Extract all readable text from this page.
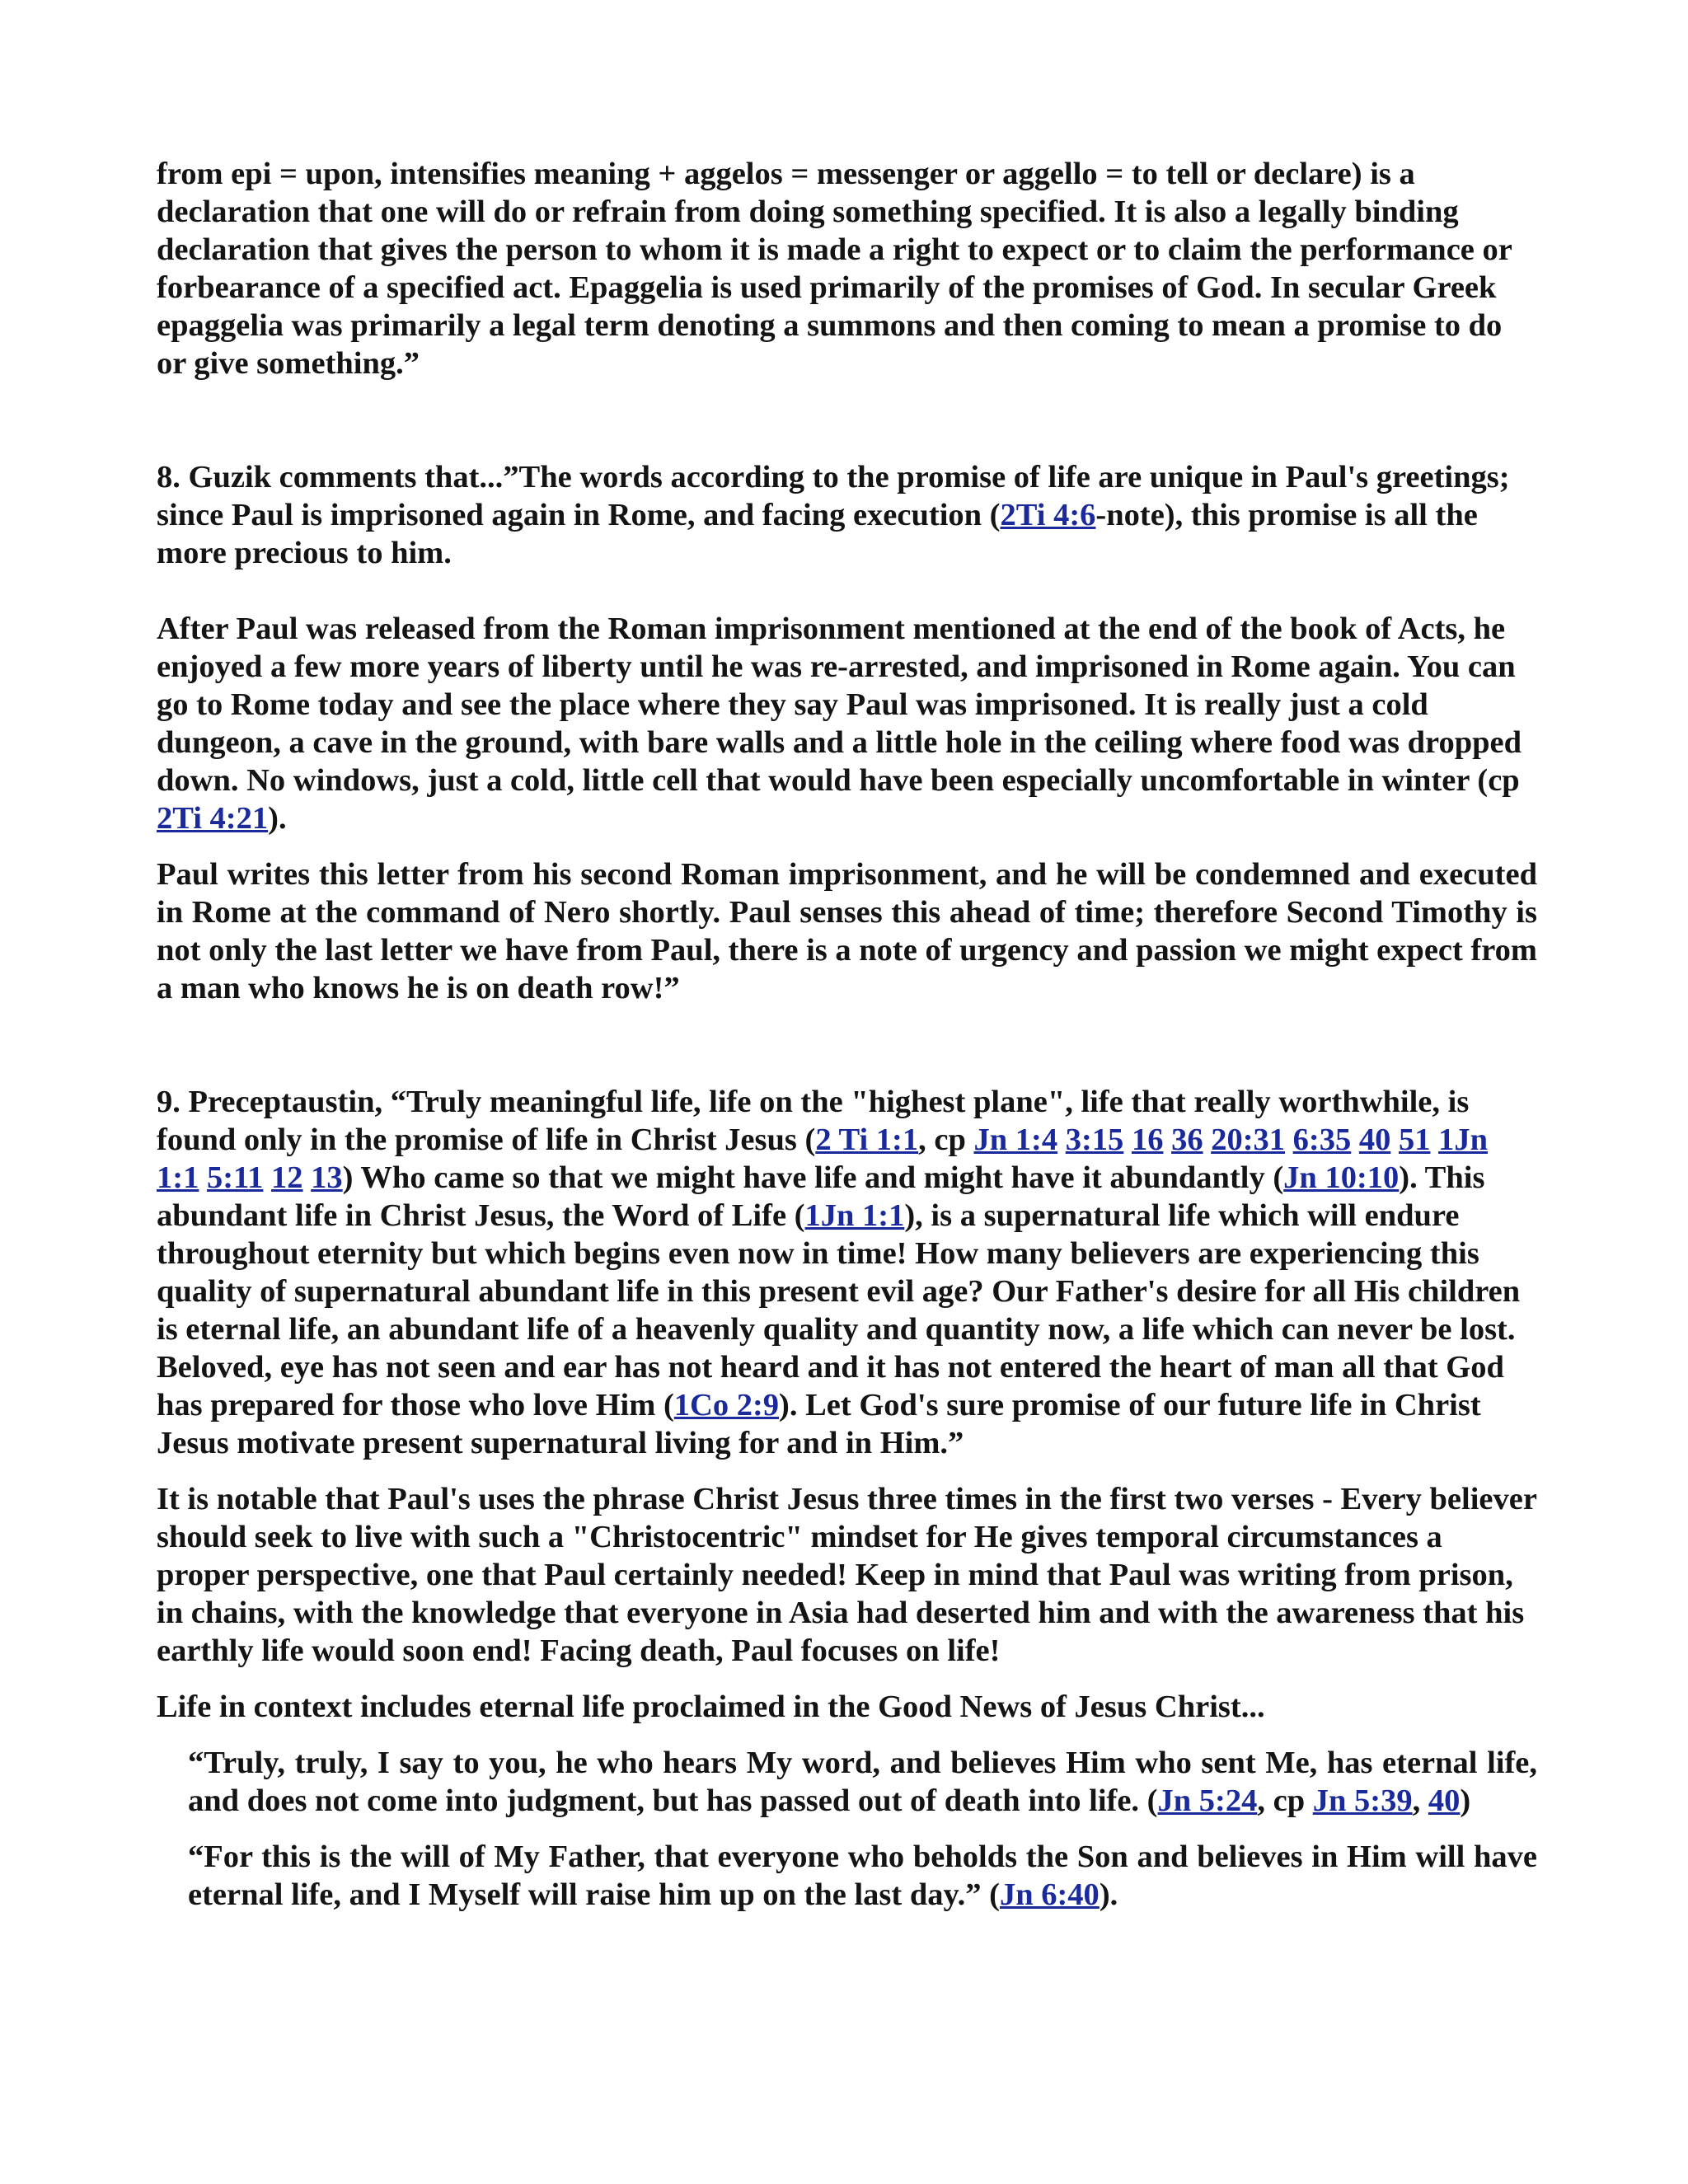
from epi = upon, intensifies meaning + aggelos = messenger or aggello = to tell or declare) is a declaration that one will do or refrain from doing something specified. It is also a legally binding declaration that gives the person to whom it is made a right to expect or to claim the performance or forbearance of a specified act. Epaggelia is used primarily of the promises of God. In secular Greek epaggelia was primarily a legal term denoting a summons and then coming to mean a promise to do or give something.”

8. Guzik comments that...”The words according to the promise of life are unique in Paul's greetings; since Paul is imprisoned again in Rome, and facing execution (2Ti 4:6-note), this promise is all the more precious to him.

After Paul was released from the Roman imprisonment mentioned at the end of the book of Acts, he enjoyed a few more years of liberty until he was re-arrested, and imprisoned in Rome again. You can go to Rome today and see the place where they say Paul was imprisoned. It is really just a cold dungeon, a cave in the ground, with bare walls and a little hole in the ceiling where food was dropped down. No windows, just a cold, little cell that would have been especially uncomfortable in winter (cp 2Ti 4:21).

Paul writes this letter from his second Roman imprisonment, and he will be condemned and executed in Rome at the command of Nero shortly. Paul senses this ahead of time; therefore Second Timothy is not only the last letter we have from Paul, there is a note of urgency and passion we might expect from a man who knows he is on death row!”

9. Preceptaustin, “Truly meaningful life, life on the "highest plane", life that really worthwhile, is found only in the promise of life in Christ Jesus (2 Ti 1:1, cp Jn 1:4 3:15 16 36 20:31 6:35 40 51 1Jn 1:1 5:11 12 13) Who came so that we might have life and might have it abundantly (Jn 10:10). This abundant life in Christ Jesus, the Word of Life (1Jn 1:1), is a supernatural life which will endure throughout eternity but which begins even now in time! How many believers are experiencing this quality of supernatural abundant life in this present evil age? Our Father's desire for all His children is eternal life, an abundant life of a heavenly quality and quantity now, a life which can never be lost. Beloved, eye has not seen and ear has not heard and it has not entered the heart of man all that God has prepared for those who love Him (1Co 2:9). Let God's sure promise of our future life in Christ Jesus motivate present supernatural living for and in Him.”

It is notable that Paul's uses the phrase Christ Jesus three times in the first two verses - Every believer should seek to live with such a "Christocentric" mindset for He gives temporal circumstances a proper perspective, one that Paul certainly needed! Keep in mind that Paul was writing from prison, in chains, with the knowledge that everyone in Asia had deserted him and with the awareness that his earthly life would soon end! Facing death, Paul focuses on life!

Life in context includes eternal life proclaimed in the Good News of Jesus Christ...

“Truly, truly, I say to you, he who hears My word, and believes Him who sent Me, has eternal life, and does not come into judgment, but has passed out of death into life. (Jn 5:24, cp Jn 5:39, 40)

“For this is the will of My Father, that everyone who beholds the Son and believes in Him will have eternal life, and I Myself will raise him up on the last day.” (Jn 6:40).
